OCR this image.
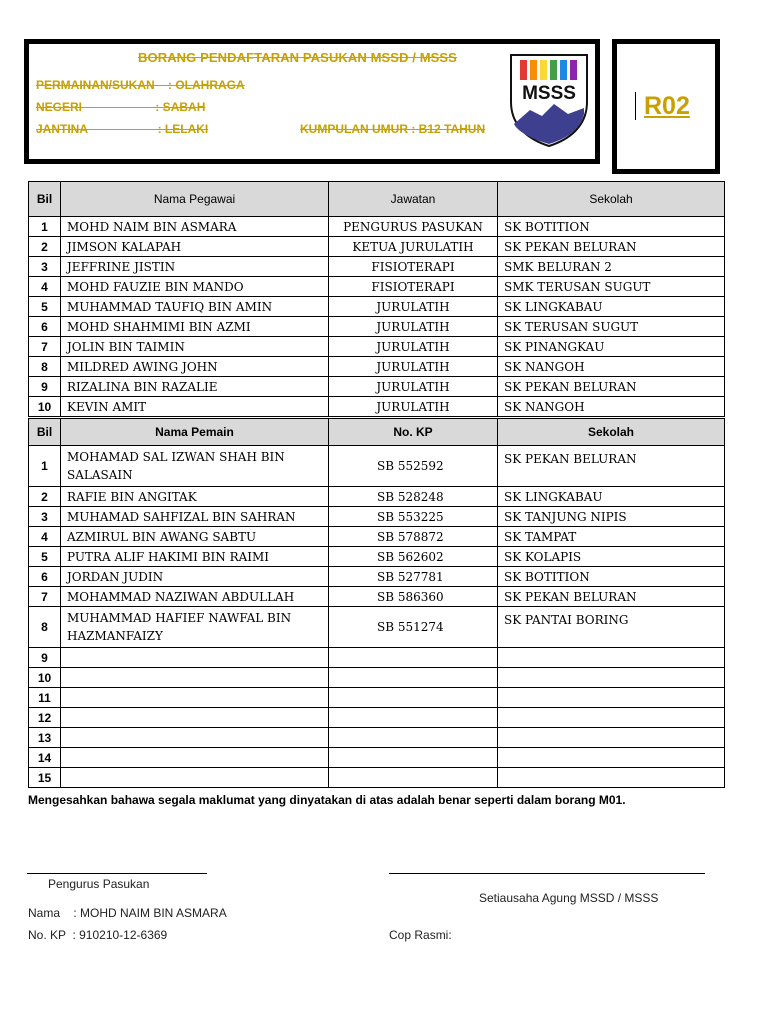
BORANG PENDAFTARAN PASUKAN MSSD / MSSS
PERMAINAN/SUKAN    : OLAHRAGA
NEGERI                      : SABAH
JANTINA                     : LELAKI	KUMPULAN UMUR : B12 TAHUN
MSSS	R02
Bil	Nama Pegawai	Jawatan	Sekolah
1	MOHD NAIM BIN ASMARA	PENGURUS PASUKAN	SK BOTITION
2	JIMSON KALAPAH	KETUA JURULATIH	SK PEKAN BELURAN
3	JEFFRINE JISTIN	FISIOTERAPI	SMK BELURAN 2
4	MOHD FAUZIE BIN MANDO	FISIOTERAPI	SMK TERUSAN SUGUT
5	MUHAMMAD TAUFIQ BIN AMIN	JURULATIH	SK LINGKABAU
6	MOHD SHAHMIMI BIN AZMI	JURULATIH	SK TERUSAN SUGUT
7	JOLIN BIN TAIMIN	JURULATIH	SK PINANGKAU
8	MILDRED AWING JOHN	JURULATIH	SK NANGOH
9	RIZALINA BIN RAZALIE	JURULATIH	SK PEKAN BELURAN
10	KEVIN AMIT	JURULATIH	SK NANGOH
Bil	Nama Pemain	No. KP	Sekolah
1	MOHAMAD SAL IZWAN SHAH BIN SALASAIN	SB 552592	SK PEKAN BELURAN
2	RAFIE BIN ANGITAK	SB 528248	SK LINGKABAU
3	MUHAMAD SAHFIZAL BIN SAHRAN	SB 553225	SK TANJUNG NIPIS
4	AZMIRUL BIN AWANG SABTU	SB 578872	SK TAMPAT
5	PUTRA ALIF HAKIMI BIN RAIMI	SB 562602	SK KOLAPIS
6	JORDAN JUDIN	SB 527781	SK BOTITION
7	MOHAMMAD NAZIWAN ABDULLAH	SB 586360	SK PEKAN BELURAN
8	MUHAMMAD HAFIEF NAWFAL BIN HAZMANFAIZY	SB 551274	SK PANTAI BORING
9			
10			
11			
12			
13			
14			
15			
Mengesahkan bahawa segala maklumat yang dinyatakan di atas adalah benar seperti dalam borang M01.
Pengurus Pasukan
Setiausaha Agung MSSD / MSSS
Nama    : MOHD NAIM BIN ASMARA
No. KP  : 910210-12-6369	Cop Rasmi:
